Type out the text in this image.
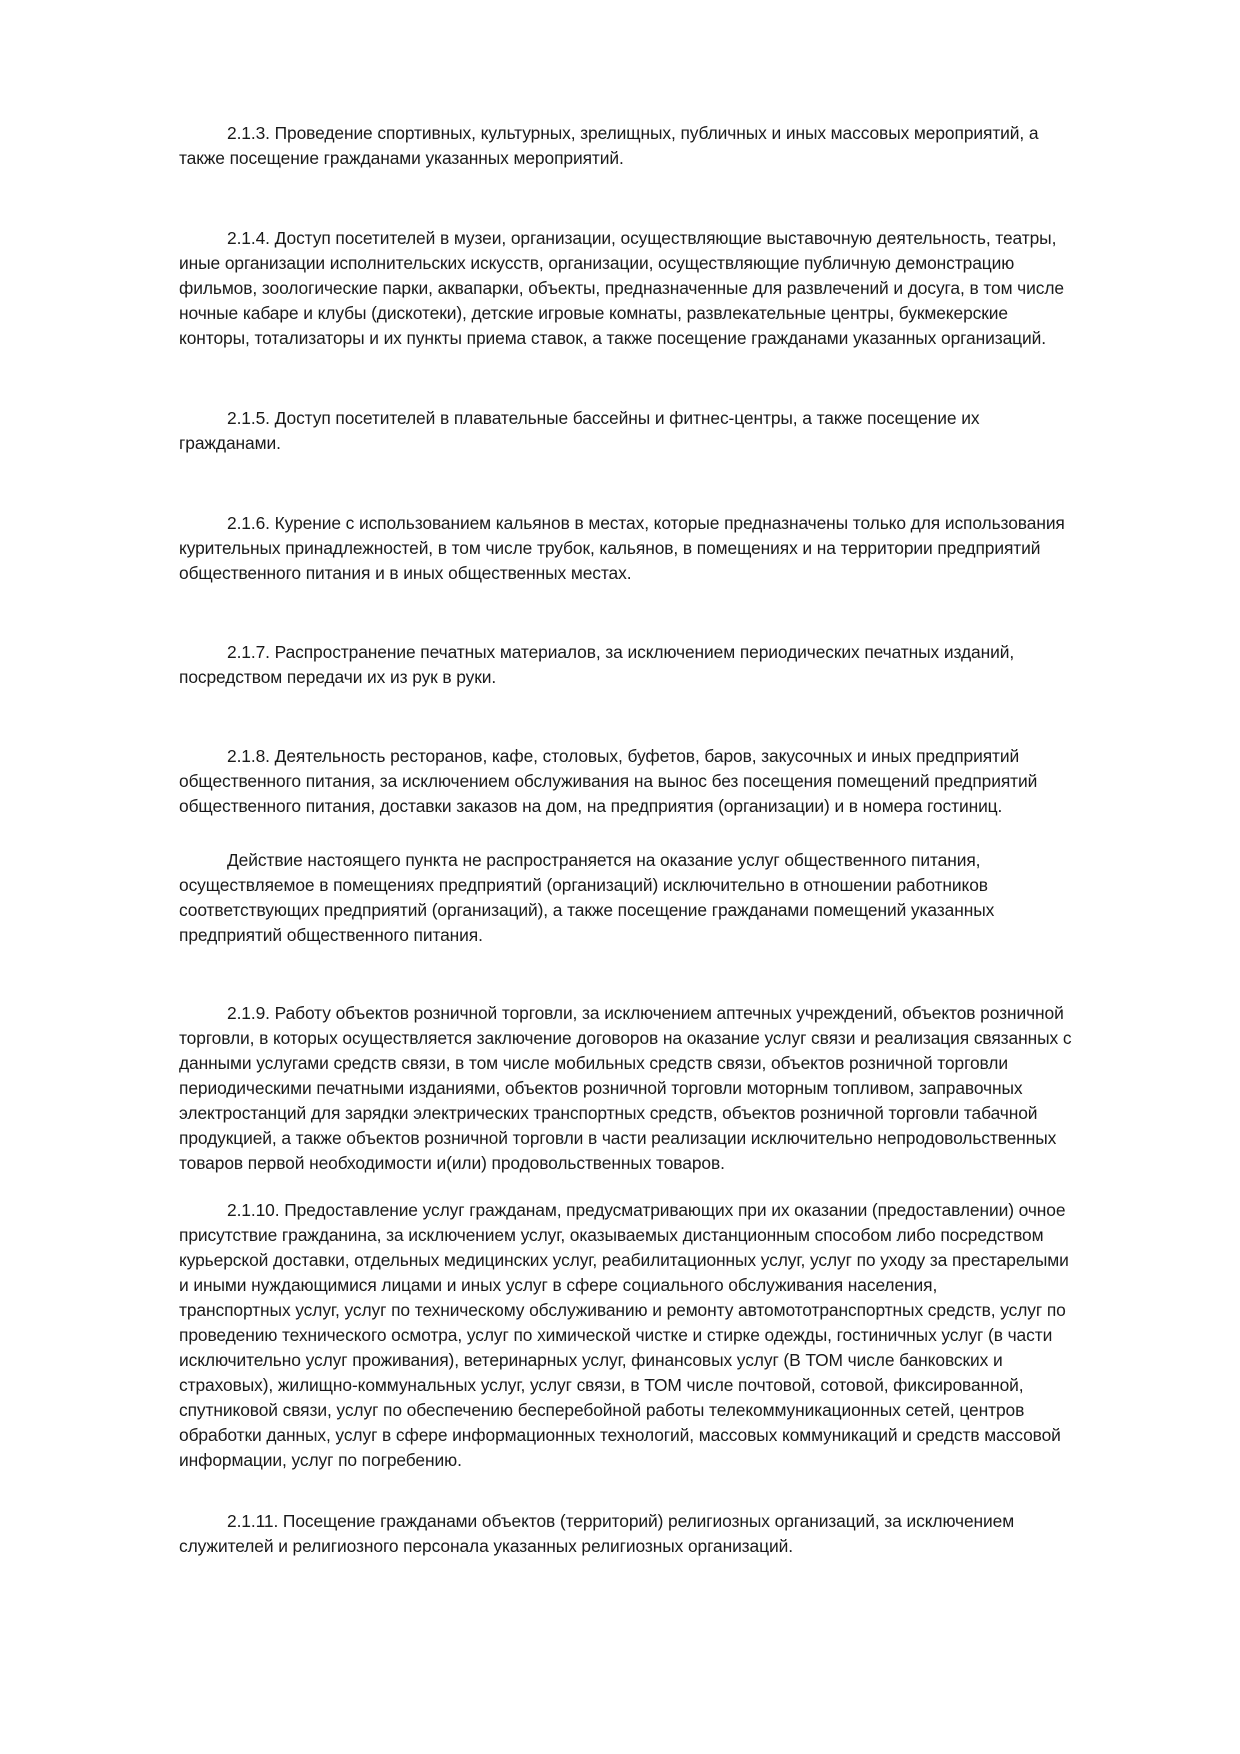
2.1.3. Проведение спортивных, культурных, зрелищных, публичных и иных массовых мероприятий, а
также посещение гражданами указанных мероприятий.

2.1.4. Доступ посетителей в музеи, организации, осуществляющие выставочную деятельность, театры,
иные организации исполнительских искусств, организации, осуществляющие публичную демонстрацию
фильмов, зоологические парки, аквапарки, объекты, предназначенные для развлечений и досуга, в том числе
ночные кабаре и клубы (дискотеки), детские игровые комнаты, развлекательные центры, букмекерские
конторы, тотализаторы и их пункты приема ставок, а также посещение гражданами указанных организаций.

2.1.5. Доступ посетителей в плавательные бассейны и фитнес-центры, а также посещение их
гражданами.

2.1.6. Курение с использованием кальянов в местах, которые предназначены только для использования
курительных принадлежностей, в том числе трубок, кальянов, в помещениях и на территории предприятий
общественного питания и в иных общественных местах.

2.1.7. Распространение печатных материалов, за исключением периодических печатных изданий,
посредством передачи их из рук в руки.

2.1.8. Деятельность ресторанов, кафе, столовых, буфетов, баров, закусочных и иных предприятий
общественного питания, за исключением обслуживания на вынос без посещения помещений предприятий
общественного питания, доставки заказов на дом, на предприятия (организации) и в номера гостиниц.

Действие настоящего пункта не распространяется на оказание услуг общественного питания,
осуществляемое в помещениях предприятий (организаций) исключительно в отношении работников
соответствующих предприятий (организаций), а также посещение гражданами помещений указанных
предприятий общественного питания.

2.1.9. Работу объектов розничной торговли, за исключением аптечных учреждений, объектов розничной
торговли, в которых осуществляется заключение договоров на оказание услуг связи и реализация связанных с
данными услугами средств связи, в том числе мобильных средств связи, объектов розничной торговли
периодическими печатными изданиями, объектов розничной торговли моторным топливом, заправочных
электростанций для зарядки электрических транспортных средств, объектов розничной торговли табачной
продукцией, а также объектов розничной торговли в части реализации исключительно непродовольственных
товаров первой необходимости и(или) продовольственных товаров.

2.1.10. Предоставление услуг гражданам, предусматривающих при их оказании (предоставлении) очное
присутствие гражданина, за исключением услуг, оказываемых дистанционным способом либо посредством
курьерской доставки, отдельных медицинских услуг, реабилитационных услуг, услуг по уходу за престарелыми
и иными нуждающимися лицами и иных услуг в сфере социального обслуживания населения,
транспортных услуг, услуг по техническому обслуживанию и ремонту автомототранспортных средств, услуг по
проведению технического осмотра, услуг по химической чистке и стирке одежды, гостиничных услуг (в части
исключительно услуг проживания), ветеринарных услуг, финансовых услуг (В ТОМ числе банковских и
страховых), жилищно-коммунальных услуг, услуг связи, в ТОМ числе почтовой, сотовой, фиксированной,
спутниковой связи, услуг по обеспечению бесперебойной работы телекоммуникационных сетей, центров
обработки данных, услуг в сфере информационных технологий, массовых коммуникаций и средств массовой
информации, услуг по погребению.

2.1.11. Посещение гражданами объектов (территорий) религиозных организаций, за исключением
служителей и религиозного персонала указанных религиозных организаций.
